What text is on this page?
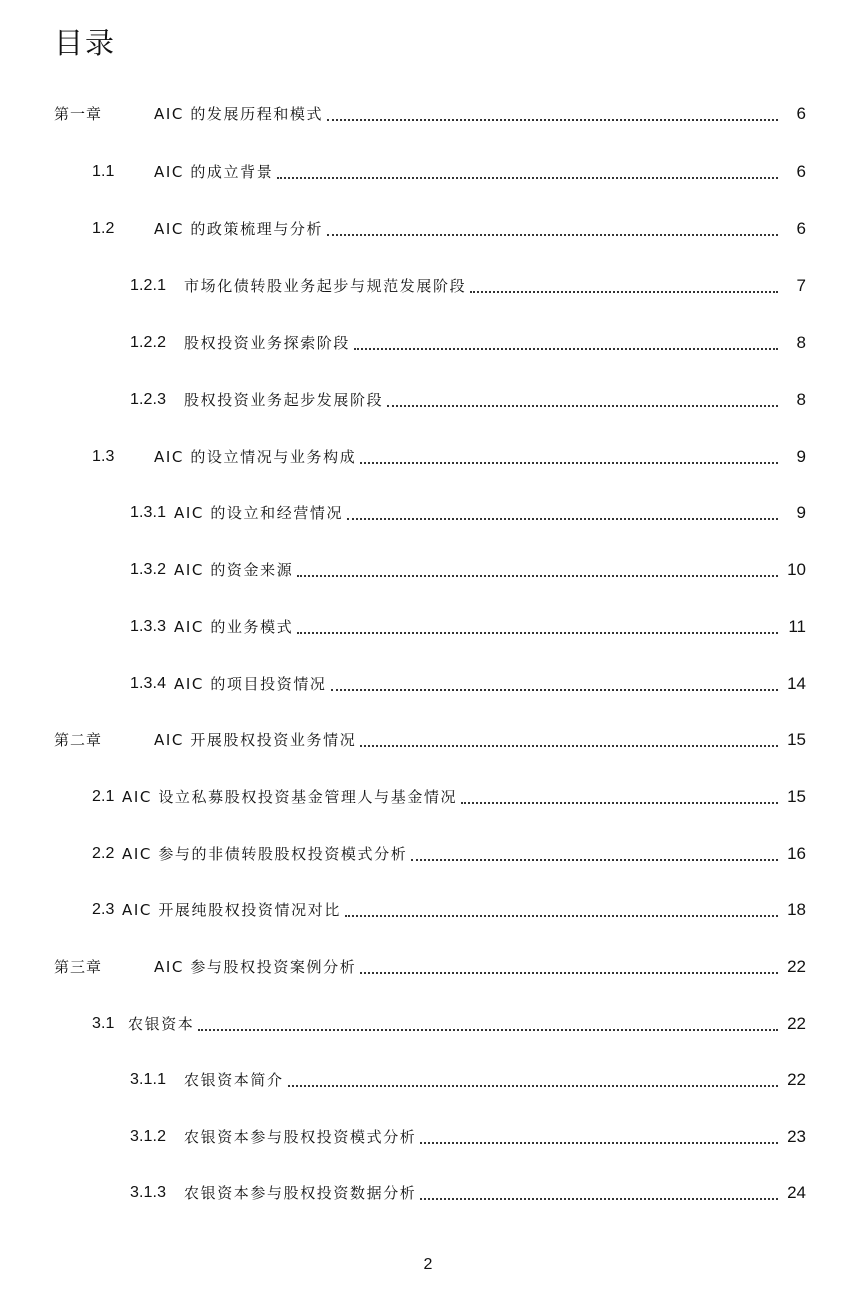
目录
第一章	AIC 的发展历程和模式	6
1.1	AIC 的成立背景	6
1.2	AIC 的政策梳理与分析	6
1.2.1	市场化债转股业务起步与规范发展阶段	7
1.2.2	股权投资业务探索阶段	8
1.2.3	股权投资业务起步发展阶段	8
1.3	AIC 的设立情况与业务构成	9
1.3.1 AIC 的设立和经营情况	9
1.3.2 AIC 的资金来源	10
1.3.3 AIC 的业务模式	11
1.3.4 AIC 的项目投资情况	14
第二章	AIC 开展股权投资业务情况	15
2.1 AIC 设立私募股权投资基金管理人与基金情况	15
2.2 AIC 参与的非债转股股权投资模式分析	16
2.3 AIC 开展纯股权投资情况对比	18
第三章	AIC 参与股权投资案例分析	22
3.1 农银资本	22
3.1.1	农银资本简介	22
3.1.2	农银资本参与股权投资模式分析	23
3.1.3	农银资本参与股权投资数据分析	24
2
